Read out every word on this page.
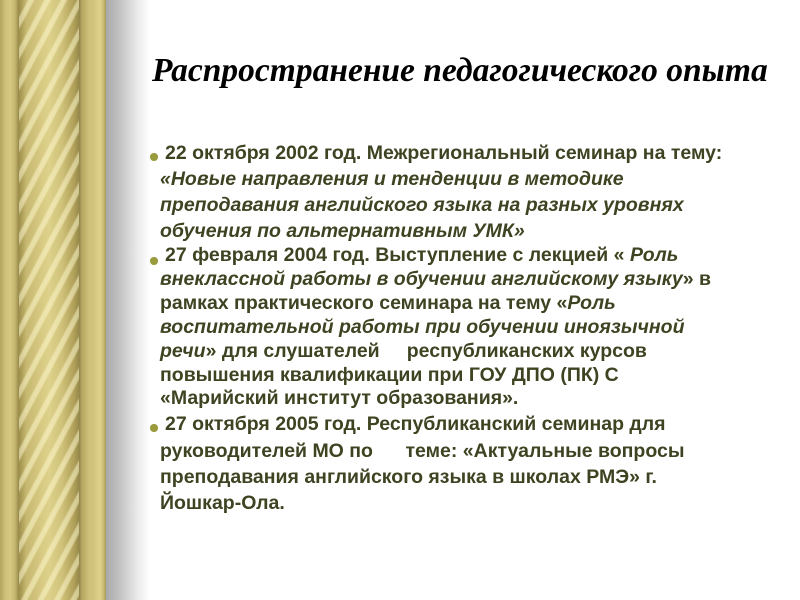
Распространение педагогического опыта
22 октября 2002 год. Межрегиональный семинар на тему:
«Новые направления и тенденции в методике
преподавания английского языка на разных уровнях
обучения по альтернативным УМК»
27 февраля 2004 год. Выступление с лекцией « Роль
внеклассной работы в обучении английскому языку» в
рамках практического семинара на тему «Роль
воспитательной работы при обучении иноязычной
речи» для слушателей     республиканских курсов
повышения квалификации при ГОУ ДПО (ПК) С
«Марийский институт образования».
27 октября 2005 год. Республиканский семинар для
руководителей МО по      теме: «Актуальные вопросы
преподавания английского языка в школах РМЭ» г.
Йошкар-Ола.
